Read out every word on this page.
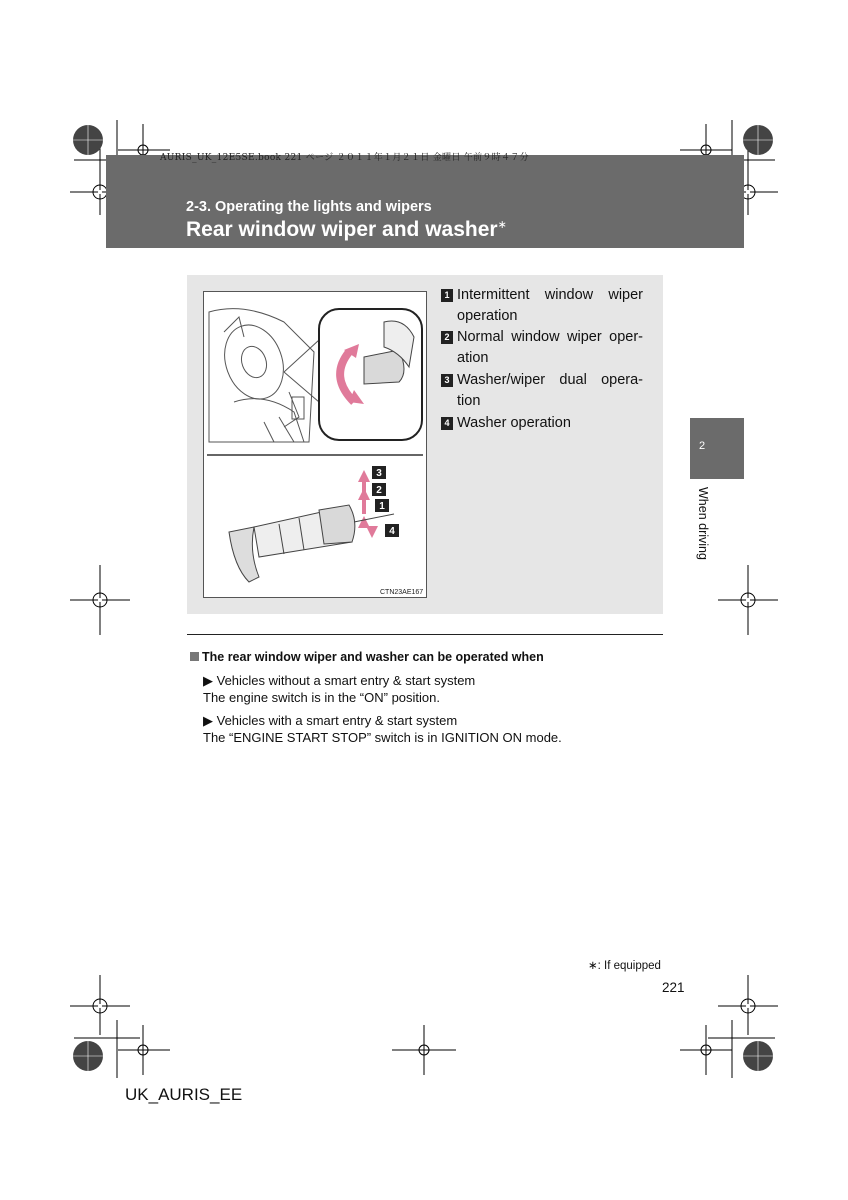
AURIS_UK_12E5SE.book 221 ページ ２０１１年１月２１日 金曜日 午前９時４７分
2-3. Operating the lights and wipers
Rear window wiper and washer∗
2
When driving
3
2
1
4
CTN23AE167
1 Intermittent window wiper operation
2 Normal window wiper oper-ation
3 Washer/wiper dual opera-tion
4 Washer operation
The rear window wiper and washer can be operated when
▶ Vehicles without a smart entry & start system
The engine switch is in the “ON” position.
▶ Vehicles with a smart entry & start system
The “ENGINE START STOP” switch is in IGNITION ON mode.
∗: If equipped
221
UK_AURIS_EE
